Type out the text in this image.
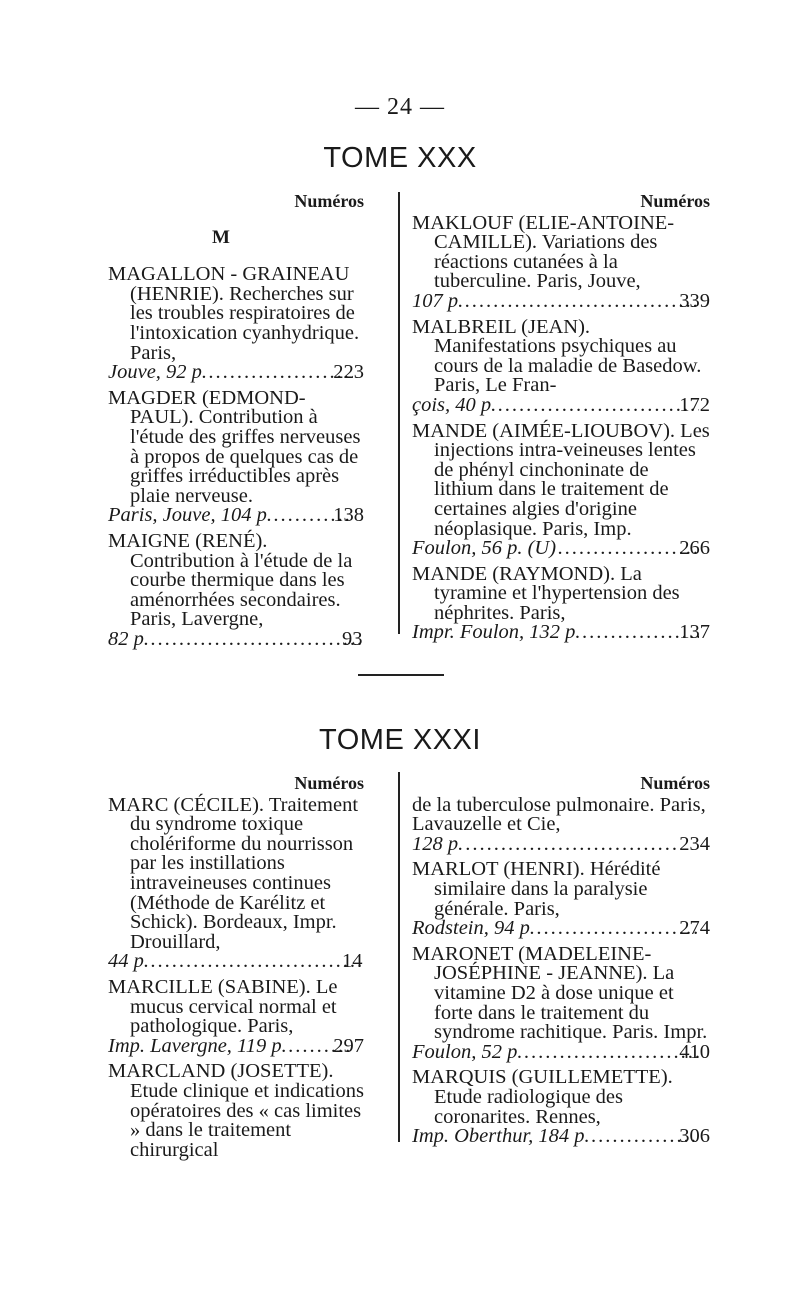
— 24 —
TOME XXX
Numéros
M
MAGALLON - GRAINEAU (HENRIE). Recherches sur les troubles respiratoires de l'intoxication cyanhydrique. Paris,
Jouve, 92 p. .....	223
MAGDER (EDMOND-PAUL). Contribution à l'étude des griffes nerveuses à propos de quelques cas de griffes irréductibles après plaie nerveuse.
Paris, Jouve, 104 p. .....	138
MAIGNE (RENÉ). Contribution à l'étude de la courbe thermique dans les aménorrhées secondaires. Paris, Lavergne,
82 p. .....	93
Numéros
MAKLOUF (ELIE-ANTOINE-CAMILLE). Variations des réactions cutanées à la tuberculine. Paris, Jouve,
107 p. .....	339
MALBREIL (JEAN). Manifestations psychiques au cours de la maladie de Basedow. Paris, Le Fran-
çois, 40 p. .....	172
MANDE (AIMÉE-LIOUBOV). Les injections intra-veineuses lentes de phényl cinchoninate de lithium dans le traitement de certaines algies d'origine néoplasique. Paris, Imp.
Foulon, 56 p. (U) .....	266
MANDE (RAYMOND). La tyramine et l'hypertension des néphrites. Paris,
Impr. Foulon, 132 p. .....	137
TOME XXXI
Numéros
MARC (CÉCILE). Traitement du syndrome toxique cholériforme du nourrisson par les instillations intraveineuses continues (Méthode de Karélitz et Schick). Bordeaux, Impr. Drouillard,
44 p. .....	14
MARCILLE (SABINE). Le mucus cervical normal et pathologique. Paris,
Imp. Lavergne, 119 p. ..... 297
MARCLAND (JOSETTE). Etude clinique et indications opératoires des « cas limites » dans le traitement chirurgical
Numéros
de la tuberculose pulmonaire. Paris, Lavauzelle et Cie,
128 p. .....	234
MARLOT (HENRI). Hérédité similaire dans la paralysie générale. Paris,
Rodstein, 94 p. .....	274
MARONET (MADELEINE-JOSÉPHINE - JEANNE). La vitamine D2 à dose unique et forte dans le traitement du syndrome rachitique. Paris. Impr.
Foulon, 52 p. .....	410
MARQUIS (GUILLEMETTE). Etude radiologique des coronarites. Rennes,
Imp. Oberthur, 184 p. .....	306
